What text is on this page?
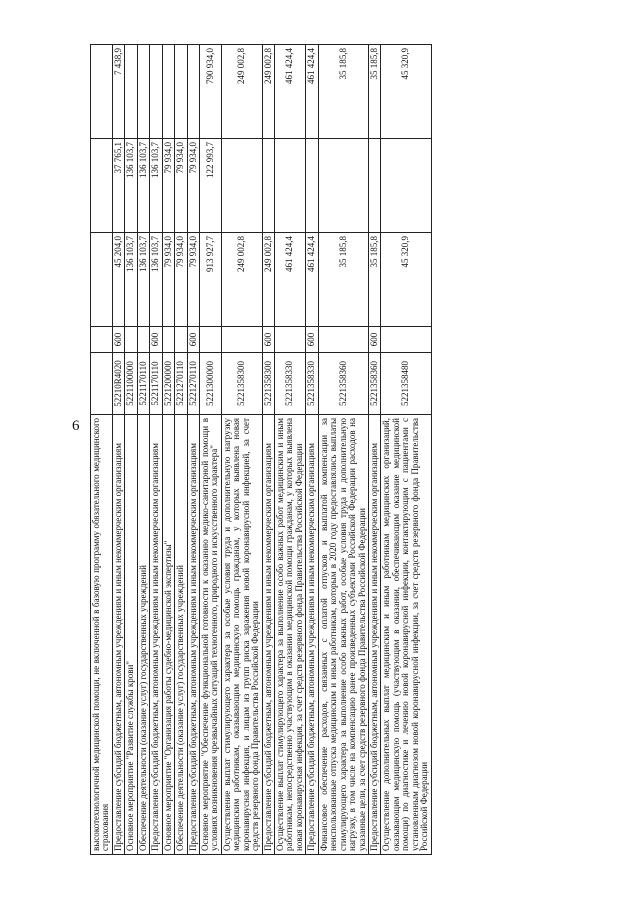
6 высокотехнологичной медицинской помощи, не включенной в базовую программу обязательного медицинского страхования					
Предоставление субсидий бюджетным, автономным учреждениям и иным некоммерческим организациям	52210R4020	600	45 204,0	37 765,1	7 438,9
Основное мероприятие "Развитие службы крови"	5221100000		136 103,7	136 103,7	
Обеспечение деятельности (оказание услуг) государственных учреждений	5221170110		136 103,7	136 103,7	
Предоставление субсидий бюджетным, автономным учреждениям и иным некоммерческим организациям	5221170110	600	136 103,7	136 103,7	
Основное мероприятие "Организация работы судебно-медицинской экспертизы"	5221200000		79 934,0	79 934,0	
Обеспечение деятельности (оказание услуг) государственных учреждений	5221270110		79 934,0	79 934,0	
Предоставление субсидий бюджетным, автономным учреждениям и иным некоммерческим организациям	5221270110	600	79 934,0	79 934,0	
Основное мероприятие "Обеспечение функциональной готовности к оказанию медико-санитарной помощи в условиях возникновения чрезвычайных ситуаций техногенного, природного и искусственного характера"	5221300000		913 927,7	122 993,7	790 934,0
Осуществление выплат стимулирующего характера за особые условия труда и дополнительную нагрузку медицинским работникам, оказывающим медицинскую помощь гражданам, у которых выявлена новая коронавирусная инфекция, и лицам из групп риска заражения новой коронавирусной инфекцией, за счет средств резервного фонда Правительства Российской Федерации	5221358300		249 002,8		249 002,8
Предоставление субсидий бюджетным, автономным учреждениям и иным некоммерческим организациям	5221358300	600	249 002,8		249 002,8
Осуществление выплат стимулирующего характера за выполнение особо важных работ медицинским и иным работникам, непосредственно участвующим в оказании медицинской помощи гражданам, у которых выявлена новая коронавирусная инфекция, за счет средств резервного фонда Правительства Российской Федерации	5221358330		461 424,4		461 424,4
Предоставление субсидий бюджетным, автономным учреждениям и иным некоммерческим организациям	5221358330	600	461 424,4		461 424,4
Финансовое обеспечение расходов, связанных с оплатой отпусков и выплатой компенсации за неиспользованные отпуска медицинским и иным работникам, которым в 2020 году предоставлялись выплаты стимулирующего характера за выполнение особо важных работ, особые условия труда и дополнительную нагрузку, в том числе на компенсацию ранее произведенных субъектами Российской Федерации расходов на указанные цели, за счет средств резервного фонда Правительства Российской Федерации	5221358360		35 185,8		35 185,8
Предоставление субсидий бюджетным, автономным учреждениям и иным некоммерческим организациям	5221358360	600	35 185,8		35 185,8
Осуществление дополнительных выплат медицинским и иным работникам медицинских организаций, оказывающим медицинскую помощь (участвующим в оказании, обеспечивающим оказание медицинской помощи) по диагностике и лечению новой коронавирусной инфекции, контактирующим с пациентами с установленным диагнозом новой коронавирусной инфекции, за счет средств резервного фонда Правительства Российской Федерации	5221358480		45 320,9		45 320,9
